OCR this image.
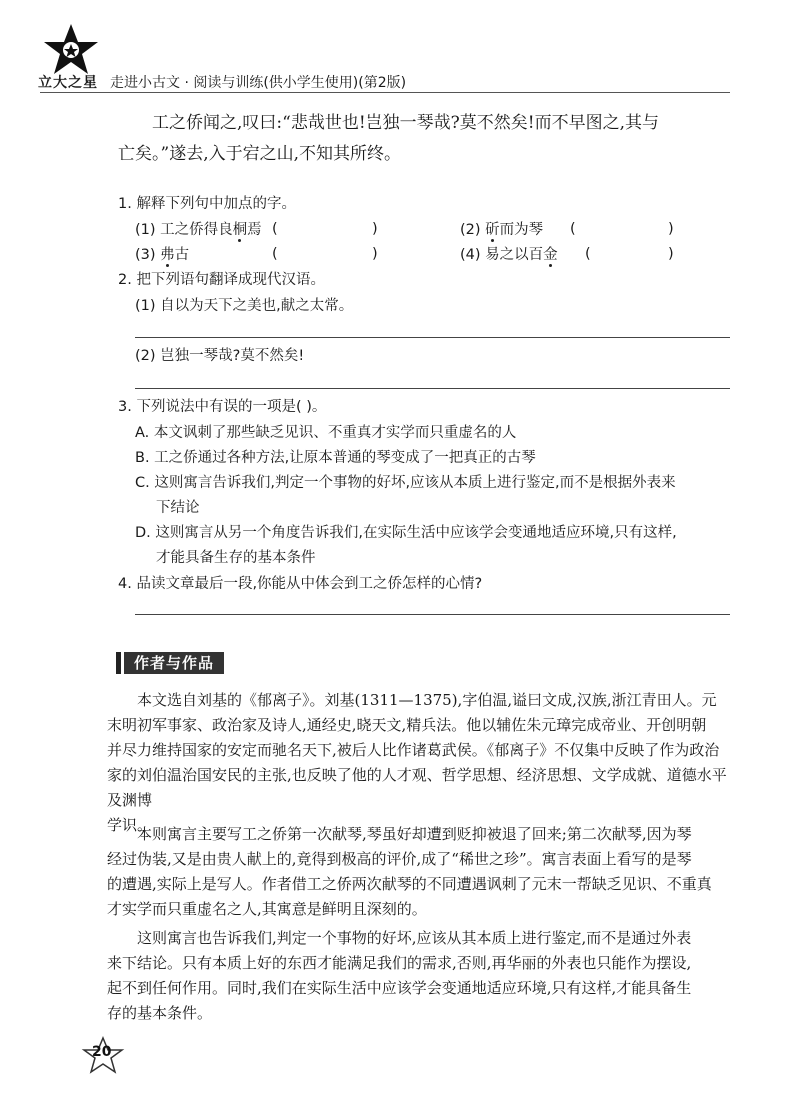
立大之星 走进小古文 · 阅读与训练(供小学生使用)(第2版)

工之侨闻之,叹曰:“悲哉世也!岂独一琴哉?莫不然矣!而不早图之,其与

亡矣。”遂去,入于宕之山,不知其所终。
1. 解释下列句中加点的字。
(1) 工之侨得良桐焉 (	)	(2) 斫而为琴 (	)
(3) 弗古	(	)	(4) 易之以百金 (	)
2. 把下列语句翻译成现代汉语。
(1) 自以为天下之美也,献之太常。
(2) 岂独一琴哉?莫不然矣!
3. 下列说法中有误的一项是( )。
A. 本文讽刺了那些缺乏见识、不重真才实学而只重虚名的人
B. 工之侨通过各种方法,让原本普通的琴变成了一把真正的古琴
C. 这则寓言告诉我们,判定一个事物的好坏,应该从本质上进行鉴定,而不是根据外表来
下结论
D. 这则寓言从另一个角度告诉我们,在实际生活中应该学会变通地适应环境,只有这样,
才能具备生存的基本条件
4. 品读文章最后一段,你能从中体会到工之侨怎样的心情?
作者与作品

本文选自刘基的《郁离子》。刘基(1311—1375),字伯温,谥曰文成,汉族,浙江青田人。元

末明初军事家、政治家及诗人,通经史,晓天文,精兵法。他以辅佐朱元璋完成帝业、开创明朝
并尽力维持国家的安定而驰名天下,被后人比作诸葛武侯。《郁离子》不仅集中反映了作为政治
家的刘伯温治国安民的主张,也反映了他的人才观、哲学思想、经济思想、文学成就、道德水平及渊博
学识。

本则寓言主要写工之侨第一次献琴,琴虽好却遭到贬抑被退了回来;第二次献琴,因为琴

经过伪装,又是由贵人献上的,竟得到极高的评价,成了“稀世之珍”。寓言表面上看写的是琴
的遭遇,实际上是写人。作者借工之侨两次献琴的不同遭遇讽刺了元末一帮缺乏见识、不重真
才实学而只重虚名之人,其寓意是鲜明且深刻的。

这则寓言也告诉我们,判定一个事物的好坏,应该从其本质上进行鉴定,而不是通过外表

来下结论。只有本质上好的东西才能满足我们的需求,否则,再华丽的外表也只能作为摆设,
起不到任何作用。同时,我们在实际生活中应该学会变通地适应环境,只有这样,才能具备生
存的基本条件。
20
